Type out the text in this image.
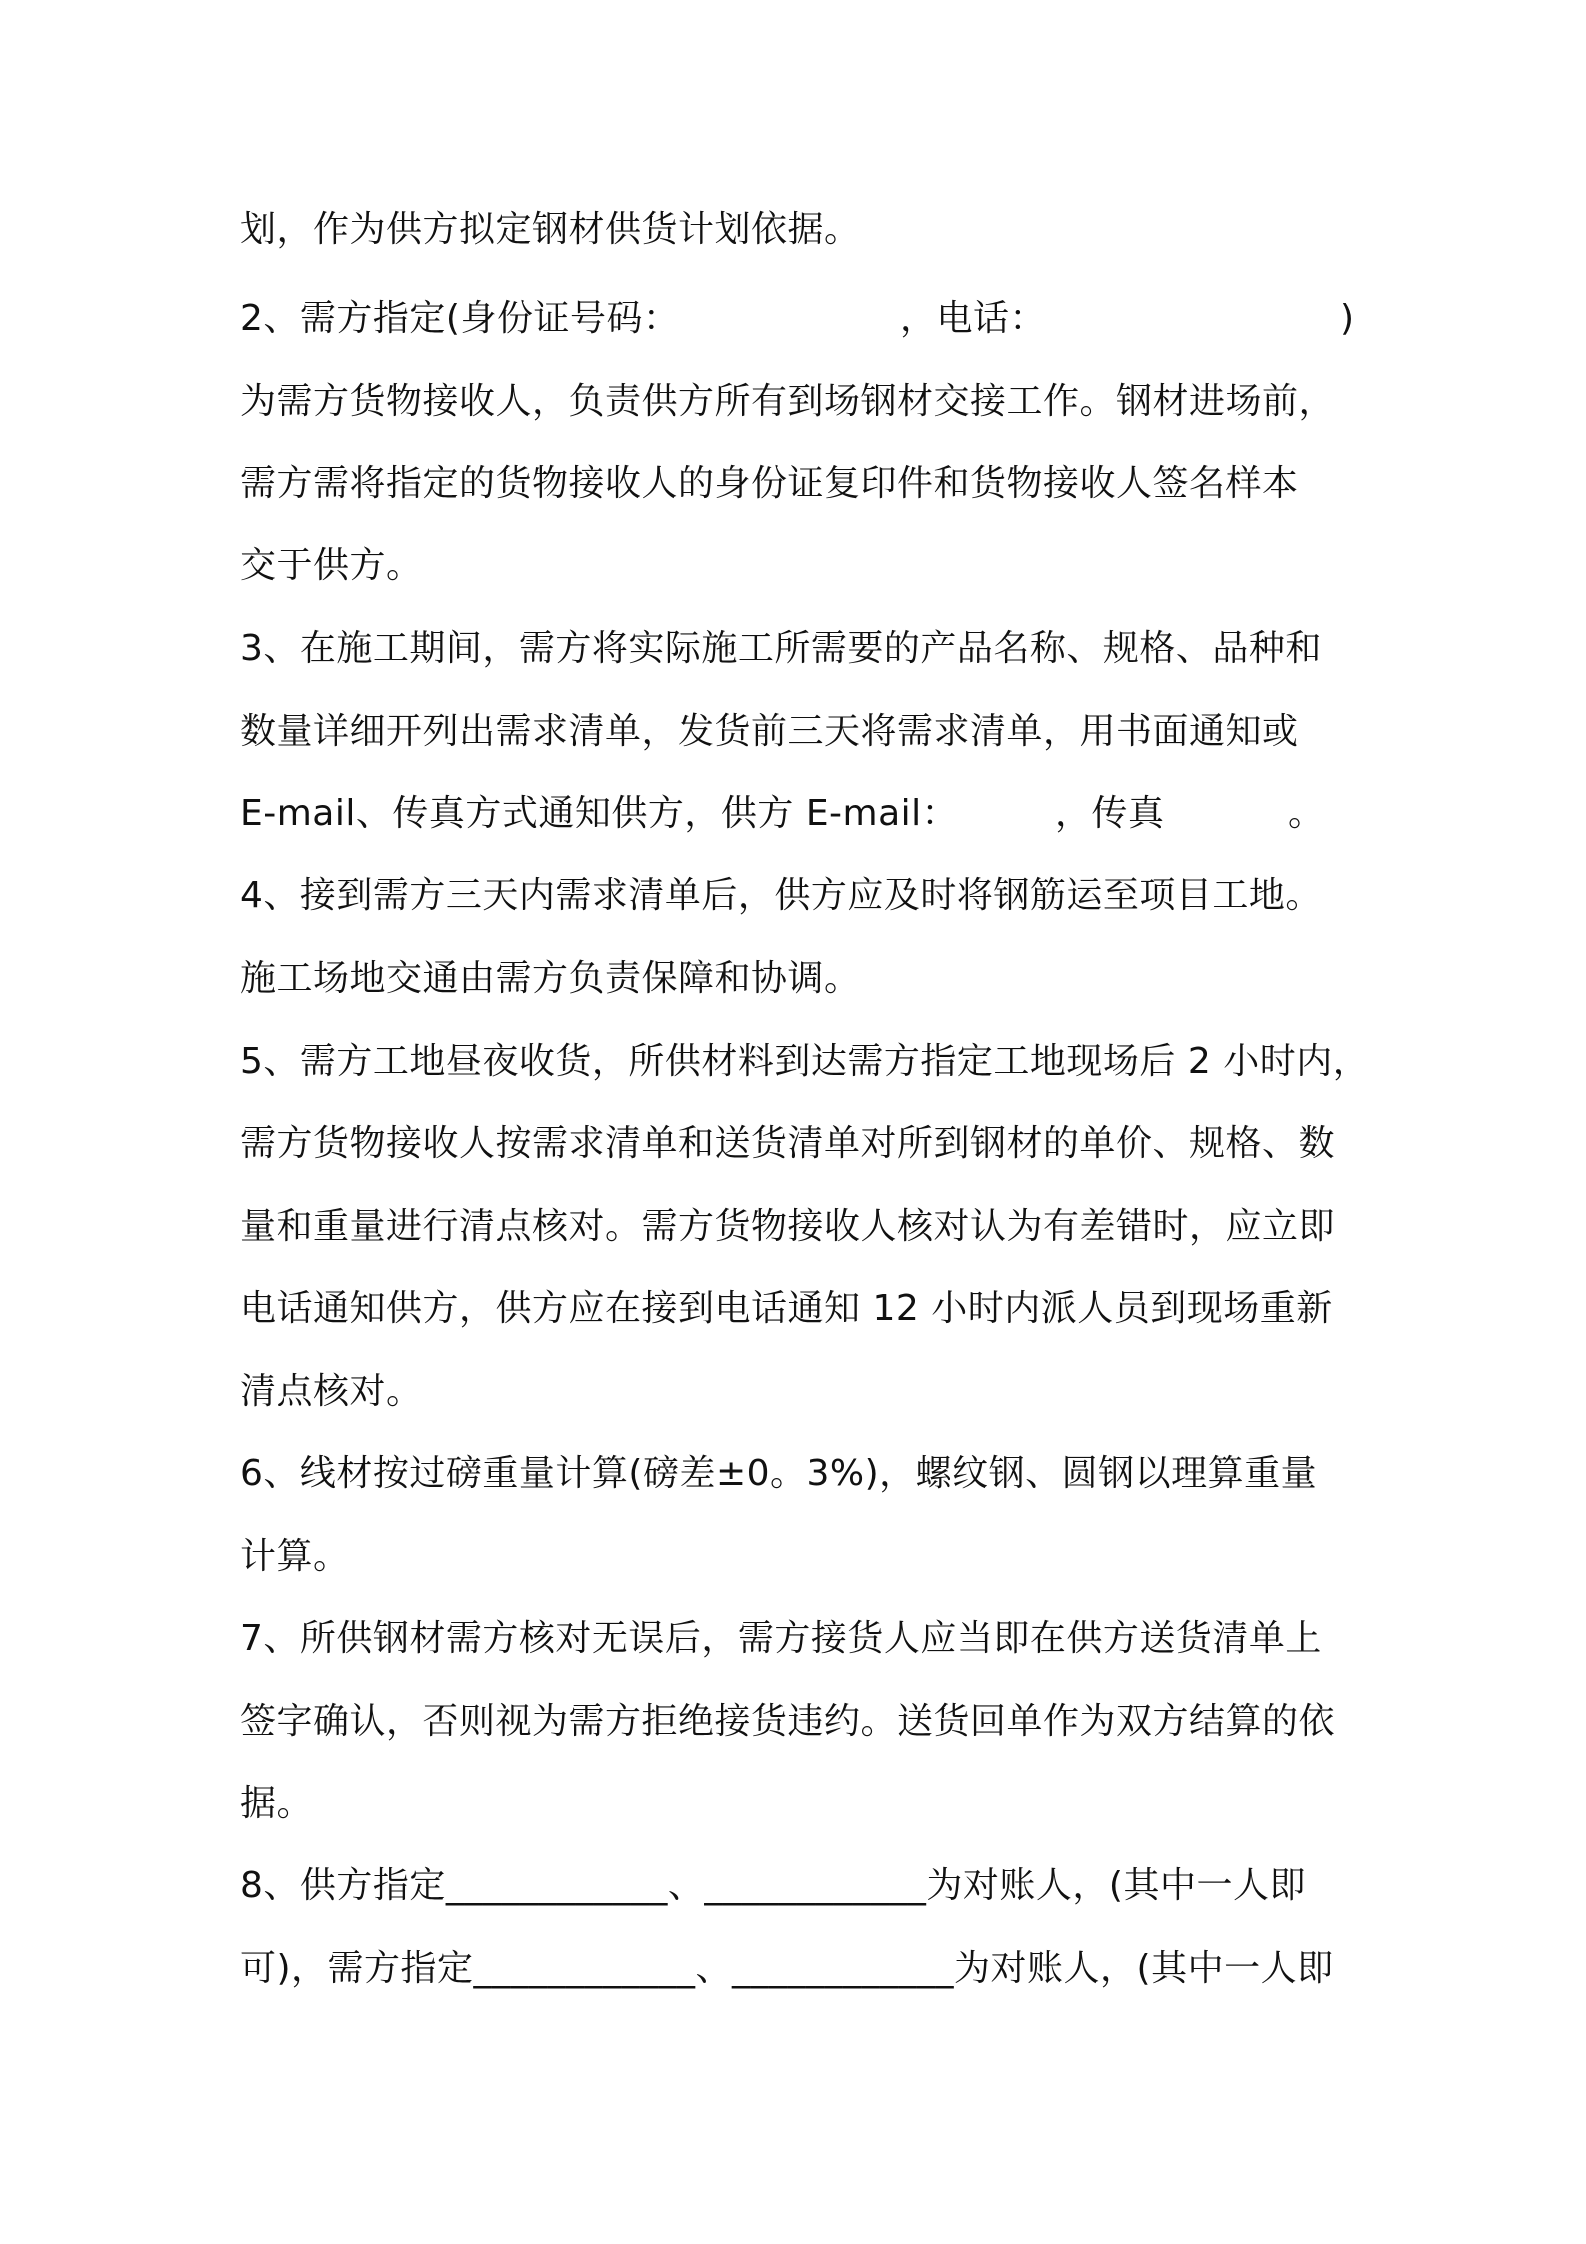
划，作为供方拟定钢材供货计划依据。
2、需方指定(身份证号码：	，电话：	)
为需方货物接收人，负责供方所有到场钢材交接工作。钢材进场前，
需方需将指定的货物接收人的身份证复印件和货物接收人签名样本
交于供方。
3、在施工期间，需方将实际施工所需要的产品名称、规格、品种和
数量详细开列出需求清单，发货前三天将需求清单，用书面通知或
E-mail、传真方式通知供方，供方 E-mail：	，传真	。
4、接到需方三天内需求清单后，供方应及时将钢筋运至项目工地。
施工场地交通由需方负责保障和协调。
5、需方工地昼夜收货，所供材料到达需方指定工地现场后 2 小时内，
需方货物接收人按需求清单和送货清单对所到钢材的单价、规格、数
量和重量进行清点核对。需方货物接收人核对认为有差错时，应立即
电话通知供方，供方应在接到电话通知 12 小时内派人员到现场重新
清点核对。
6、线材按过磅重量计算(磅差±0。3%)，螺纹钢、圆钢以理算重量
计算。
7、所供钢材需方核对无误后，需方接货人应当即在供方送货清单上
签字确认，否则视为需方拒绝接货违约。送货回单作为双方结算的依
据。
8、供方指定____________、____________为对账人，(其中一人即
可)，需方指定____________、____________为对账人，(其中一人即
